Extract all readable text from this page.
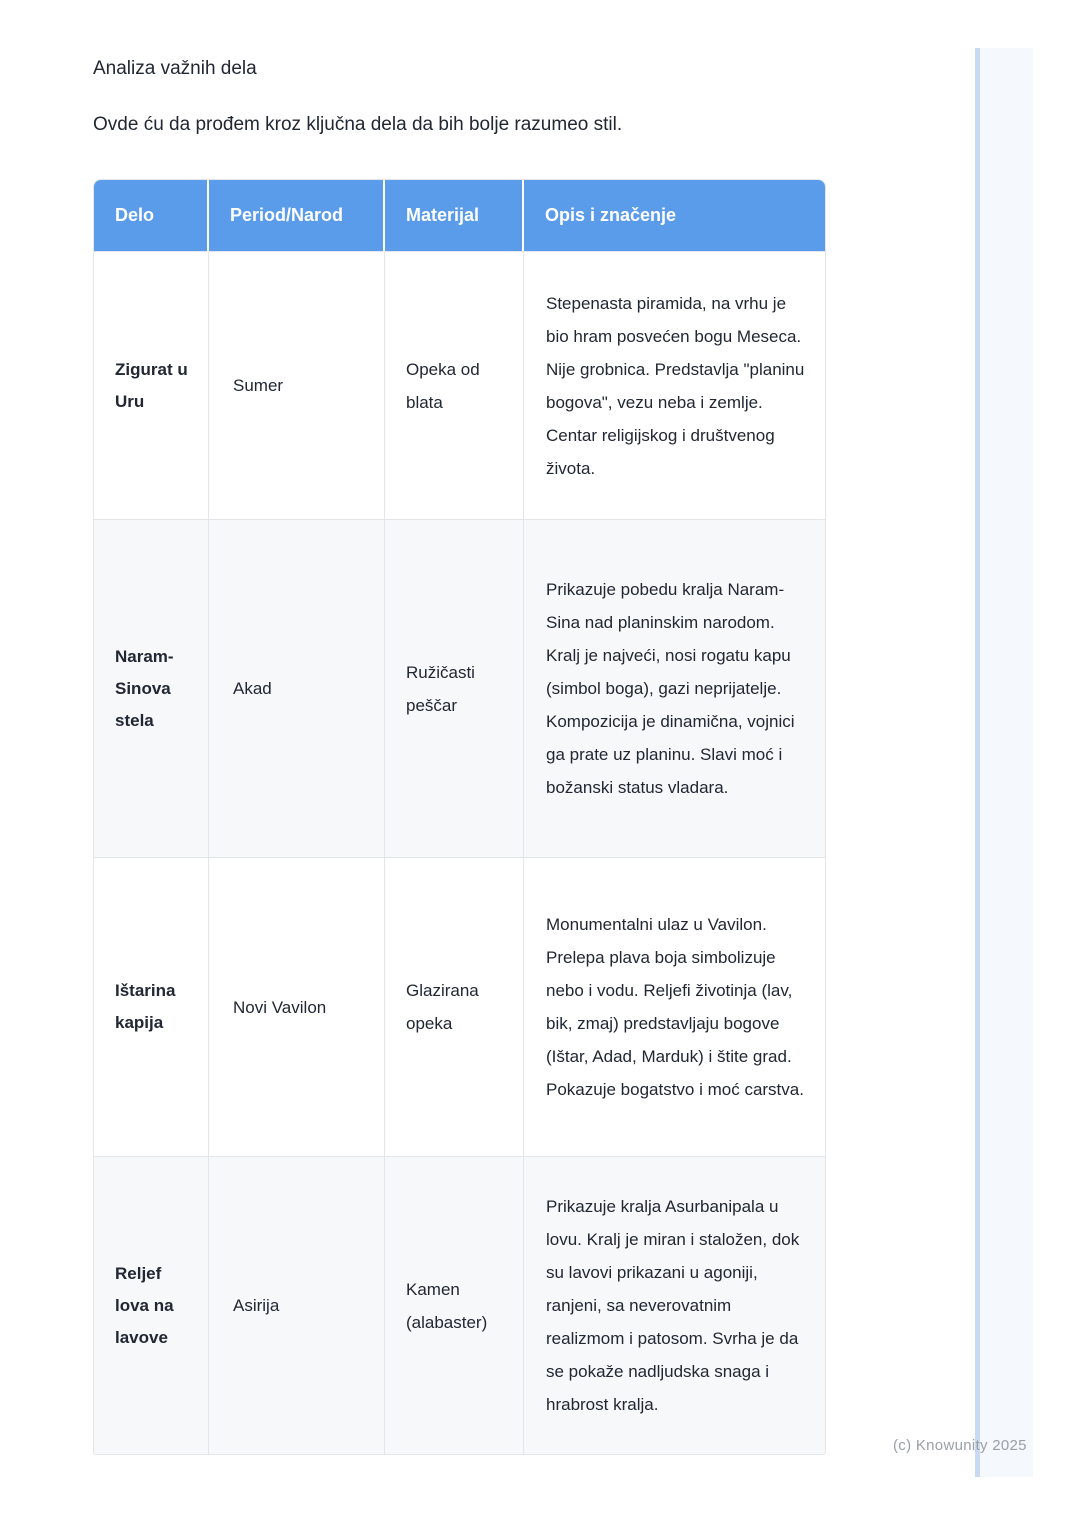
Analiza važnih dela
Ovde ću da prođem kroz ključna dela da bih bolje razumeo stil.
Delo	Period/Narod	Materijal	Opis i značenje
Zigurat u Uru	Sumer	Opeka od blata	Stepenasta piramida, na vrhu je bio hram posvećen bogu Meseca. Nije grobnica. Predstavlja "planinu bogova", vezu neba i zemlje. Centar religijskog i društvenog života.
Naram-Sinova stela	Akad	Ružičasti peščar	Prikazuje pobedu kralja Naram-Sina nad planinskim narodom. Kralj je najveći, nosi rogatu kapu (simbol boga), gazi neprijatelje. Kompozicija je dinamična, vojnici ga prate uz planinu. Slavi moć i božanski status vladara.
Ištarina kapija	Novi Vavilon	Glazirana opeka	Monumentalni ulaz u Vavilon. Prelepa plava boja simbolizuje nebo i vodu. Reljefi životinja (lav, bik, zmaj) predstavljaju bogove (Ištar, Adad, Marduk) i štite grad. Pokazuje bogatstvo i moć carstva.
Reljef lova na lavove	Asirija	Kamen (alabaster)	Prikazuje kralja Asurbanipala u lovu. Kralj je miran i staložen, dok su lavovi prikazani u agoniji, ranjeni, sa neverovatnim realizmom i patosom. Svrha je da se pokaže nadljudska snaga i hrabrost kralja.
(c) Knowunity 2025
